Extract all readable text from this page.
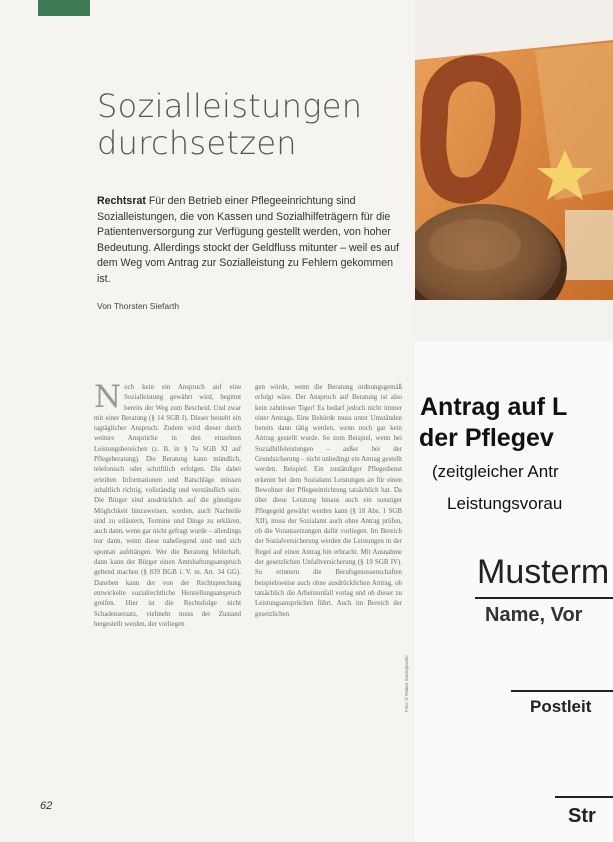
Sozialleistungen
durchsetzen
Rechtsrat Für den Betrieb einer Pflegeeinrichtung sind Sozialleistungen, die von Kassen und Sozialhilfeträgern für die Patientenversorgung zur Verfügung gestellt werden, von hoher Bedeutung. Allerdings stockt der Geldfluss mitunter – weil es auf dem Weg vom Antrag zur Sozialleistung zu Fehlern gekommen ist.
Von Thorsten Siefarth
N och kein ein Anspruch auf eine Sozialleistung gewährt wird, beginnt bereits der Weg zum Bescheid. Und zwar mit einer Beratung (§ 14 SGB I). Dieser besteht ein tagtäglicher Anspruch. Zudem wird dieser durch weitere Ansprüche in den einzelnen Leistungsbereichen (z. B. in § 7a SGB XI auf Pflegeberatung). Die Beratung kann mündlich, telefonisch oder schriftlich erfolgen. Die dabei erteilten Informationen und Ratschläge müssen inhaltlich richtig, vollständig und verständlich sein. Die Bürger sind ausdrücklich auf die günstigste Möglichkeit hinzuweisen, werden, auch Nachteile sind zu erläutern, Termine und Dinge zu erklären, auch dann, wenn gar nicht gefragt wurde – allerdings nur dann, wenn diese naheliegend sind und sich spontan aufdrängen. Wer die Beratung fehlerhaft, dann kann der Bürger einen Amtshaftungsanspruch geltend machen (§ 839 BGB i. V. m. Art. 34 GG). Daneben kann der von der Rechtsprechung entwickelte sozialrechtliche Herstellungsanspruch greifen. Hier ist die Rechtsfolge nicht Schadensersatz, vielmehr muss der Zustand hergestellt werden, der vorliegen
gen würde, wenn die Beratung ordnungsgemäß erfolgt wäre. Der Anspruch auf Beratung ist also kein zahnloser Tiger! Es bedarf jedoch nicht immer einer Antrags. Eine Behörde muss unter Umständen bereits dann tätig werden, wenn noch gar kein Antrag gestellt wurde. So zum Beispiel, wenn bei Sozialhilfeleistungen – außer bei der Grundsicherung – nicht unbedingt ein Antrag gestellt werden. Beispiel: Ein zuständiger Pflegedienst erkennt bei dem Sozialamt Leistungen an für einen Bewohner der Pflegeeinrichtung tatsächlich hat. Da über diese Leistung hinaus auch ein sonstiger Pflegegeld gewährt werden kann (§ 18 Abs. 1 SGB XII), muss der Sozialamt auch ohne Antrag prüfen, ob die Voraussetzungen dafür vorliegen. Im Bereich der Sozialversicherung werden die Leistungen in der Regel auf einen Antrag hin erbracht. Mit Ausnahme der gesetzlichen Unfallversicherung (§ 19 SGB IV). So erinnern die Berufsgenossenschaften beispielsweise auch ohne ausdrücklichen Antrag, ob tatsächlich die Arbeitsunfall vorlag und ob dieser zu Leistungsansprüchen führt. Auch im Bereich der gesetzlichen
62
Foto: © Rainer Sturm/pixelio
Antrag auf L
der Pflegev
(zeitgleicher Antr
Leistungsvorau
Musterm
Name, Vor
Postleit
Str
